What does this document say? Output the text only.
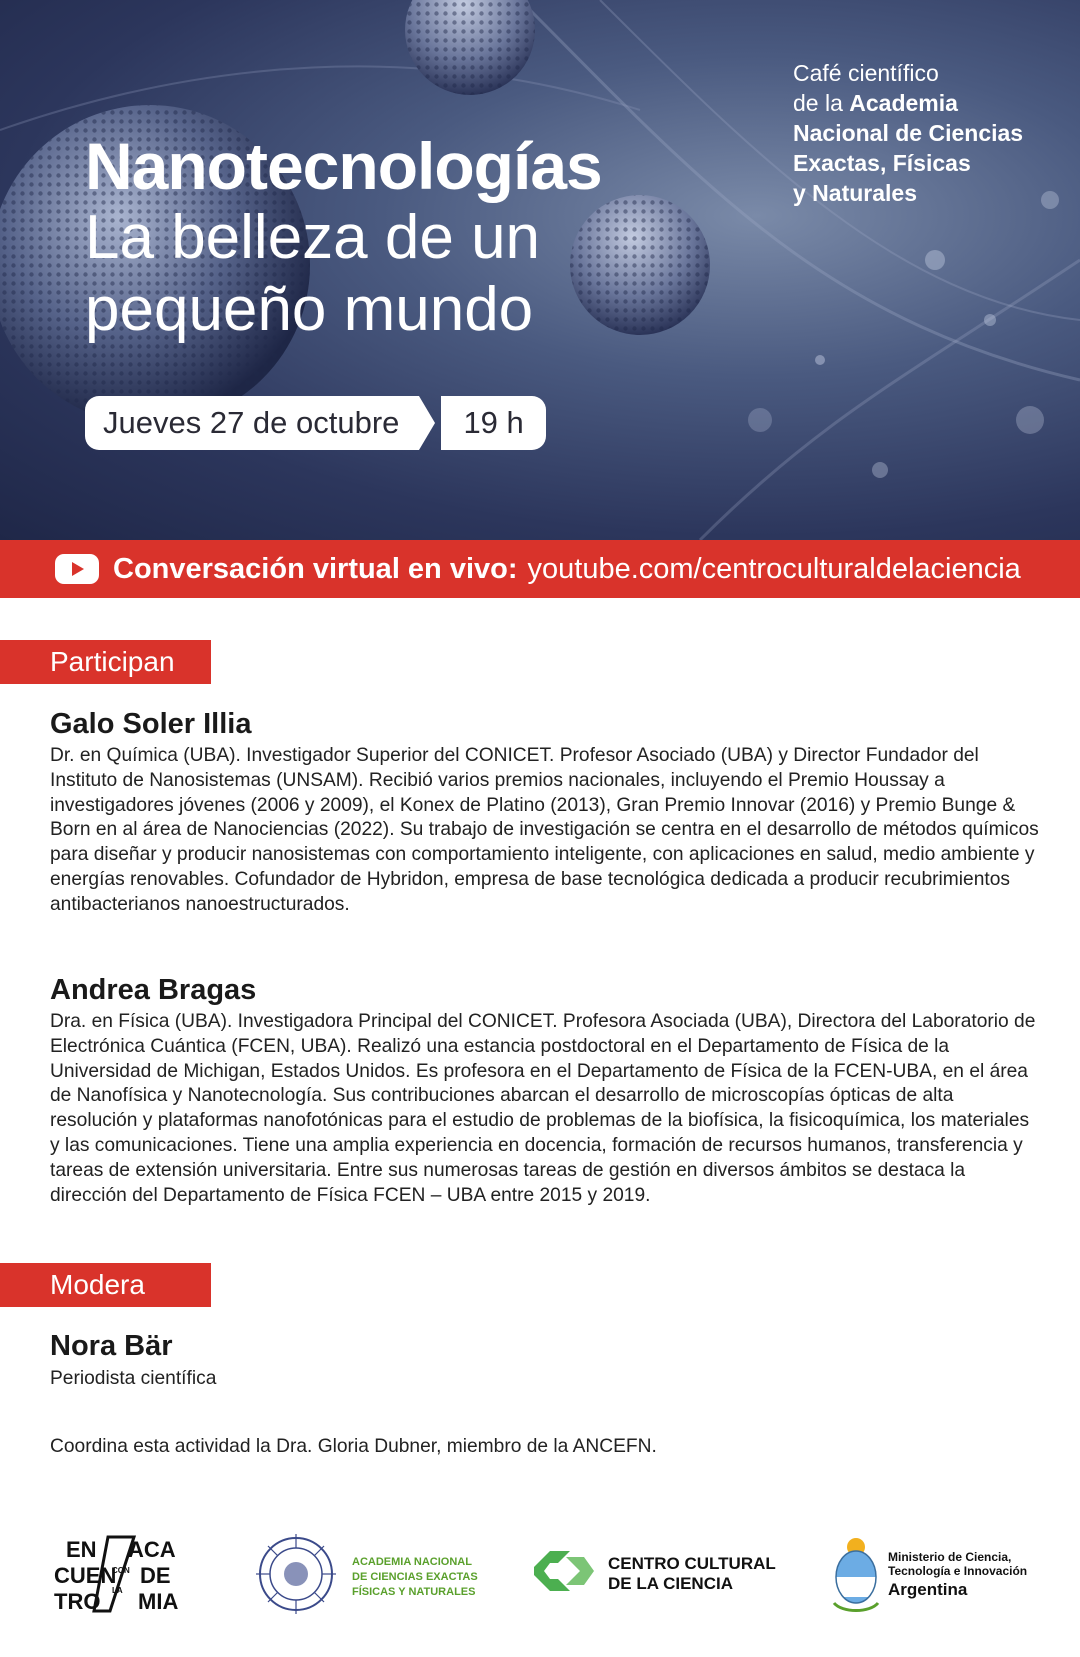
Nanotecnologías
La belleza de un
pequeño mundo
Café científico
de la Academia
Nacional de Ciencias
Exactas, Físicas
y Naturales
Jueves 27 de octubre	19 h
Conversación virtual en vivo: youtube.com/centroculturaldelaciencia
Participan
Galo Soler Illia
Dr. en Química (UBA). Investigador Superior del CONICET. Profesor Asociado (UBA) y Director Fundador del Instituto de Nanosistemas (UNSAM). Recibió varios premios nacionales, incluyendo el Premio Houssay a investigadores jóvenes (2006 y 2009), el Konex de Platino (2013), Gran Premio Innovar (2016) y Premio Bunge & Born en al área de Nanociencias (2022). Su trabajo de investigación se centra en el desarrollo de métodos químicos para diseñar y producir nanosistemas con comportamiento inteligente, con aplicaciones en salud, medio ambiente y energías renovables. Cofundador de Hybridon, empresa de base tecnológica dedicada a producir recubrimientos antibacterianos nanoestructurados.
Andrea Bragas
Dra. en Física (UBA). Investigadora Principal del CONICET. Profesora Asociada (UBA), Directora del Laboratorio de Electrónica Cuántica (FCEN, UBA). Realizó una estancia postdoctoral en el Departamento de Física de la Universidad de Michigan, Estados Unidos. Es profesora en el Departamento de Física de la FCEN-UBA, en el área de Nanofísica y Nanotecnología. Sus contribuciones abarcan el desarrollo de microscopías ópticas de alta resolución y plataformas nanofotónicas para el estudio de problemas de la biofísica, la fisicoquímica, los materiales y las comunicaciones. Tiene una amplia experiencia en docencia, formación de recursos humanos, transferencia y tareas de extensión universitaria. Entre sus numerosas tareas de gestión en diversos ámbitos se destaca la dirección del Departamento de Física FCEN – UBA entre 2015 y 2019.
Modera
Nora Bär
Periodista científica
Coordina esta actividad la Dra. Gloria Dubner, miembro de la ANCEFN.
EN ACA
CUEN DE
TRO MIA
CON
LA
ACADEMIA NACIONAL
DE CIENCIAS EXACTAS
FÍSICAS Y NATURALES
CENTRO CULTURAL
DE LA CIENCIA
Ministerio de Ciencia,
Tecnología e Innovación
Argentina
